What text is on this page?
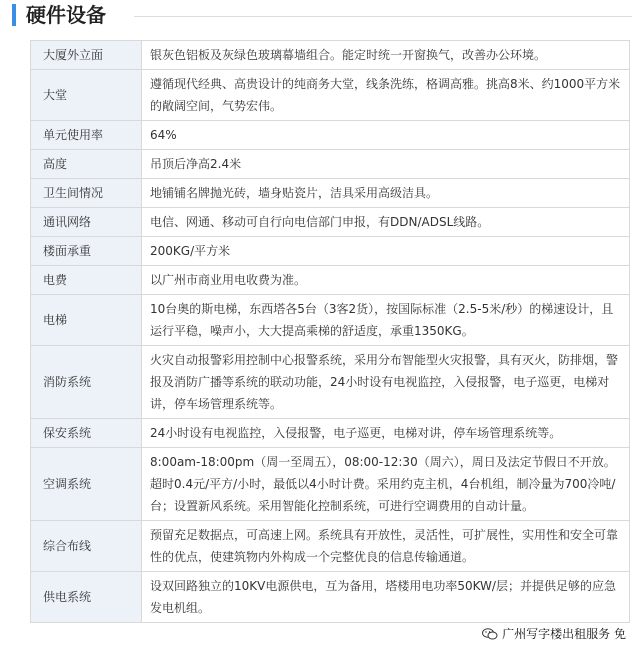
硬件设备
大厦外立面	银灰色铝板及灰绿色玻璃幕墙组合。能定时统一开窗换气，改善办公环境。
大堂	遵循现代经典、高贵设计的纯商务大堂，线条洗练，格调高雅。挑高8米、约1000平方米的敞阔空间，气势宏伟。
单元使用率	64%
高度	吊顶后净高2.4米
卫生间情况	地铺铺名牌抛光砖，墙身贴瓷片，洁具采用高级洁具。
通讯网络	电信、网通、移动可自行向电信部门申报，有DDN/ADSL线路。
楼面承重	200KG/平方米
电费	以广州市商业用电收费为准。
电梯	10台奥的斯电梯，东西塔各5台（3客2货），按国际标准（2.5-5米/秒）的梯速设计，且运行平稳，噪声小，大大提高乘梯的舒适度，承重1350KG。
消防系统	火灾自动报警彩用控制中心报警系统，采用分布智能型火灾报警，具有灭火，防排烟，警报及消防广播等系统的联动功能，24小时设有电视监控，入侵报警，电子巡更，电梯对讲，停车场管理系统等。
保安系统	24小时设有电视监控，入侵报警，电子巡更，电梯对讲，停车场管理系统等。
空调系统	8:00am-18:00pm（周一至周五），08:00-12:30（周六），周日及法定节假日不开放。超时0.4元/平方/小时，最低以4小时计费。采用约克主机，4台机组，制冷量为700冷吨/台；设置新风系统。采用智能化控制系统，可进行空调费用的自动计量。
综合布线	预留充足数据点，可高速上网。系统具有开放性，灵活性，可扩展性，实用性和安全可靠性的优点，使建筑物内外构成一个完整优良的信息传输通道。
供电系统	设双回路独立的10KV电源供电，互为备用，塔楼用电功率50KW/层；并提供足够的应急发电机组。
广州写字楼出租服务 免
